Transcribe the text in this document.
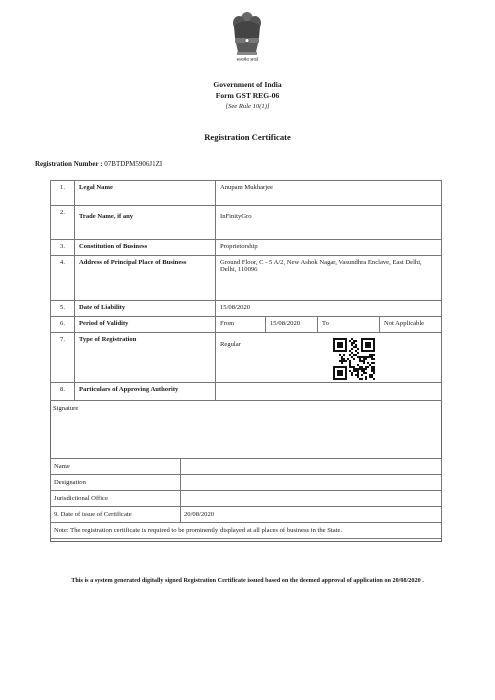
सत्यमेव जयते
Government of India
Form GST REG-06
[See Rule 10(1)]
Registration Certificate
Registration Number : 07BTDPM5906J1ZI
1.	Legal Name	Anupam Mukharjee			
2.	Trade Name, if any	InFinityGro			
3.	Constitution of Business	Proprietorship			
4.	Address of Principal Place of Business	Ground Floor, C - 5 A/2, New Ashok Nagar, Vasundhra Enclave, East Delhi, Delhi, 110096			
5.	Date of Liability	15/08/2020			
6.	Period of Validity	From	15/08/2020	To	Not Applicable
7.	Type of Registration	Regular			
8.	Particulars of Approving Authority				
Signature
Name	
Designation	
Jurisdictional Office	
9. Date of issue of Certificate	20/08/2020
Note: The registration certificate is required to be prominently displayed at all places of business in the State.	
This is a system generated digitally signed Registration Certificate issued based on the deemed approval of application on 20/08/2020 .
